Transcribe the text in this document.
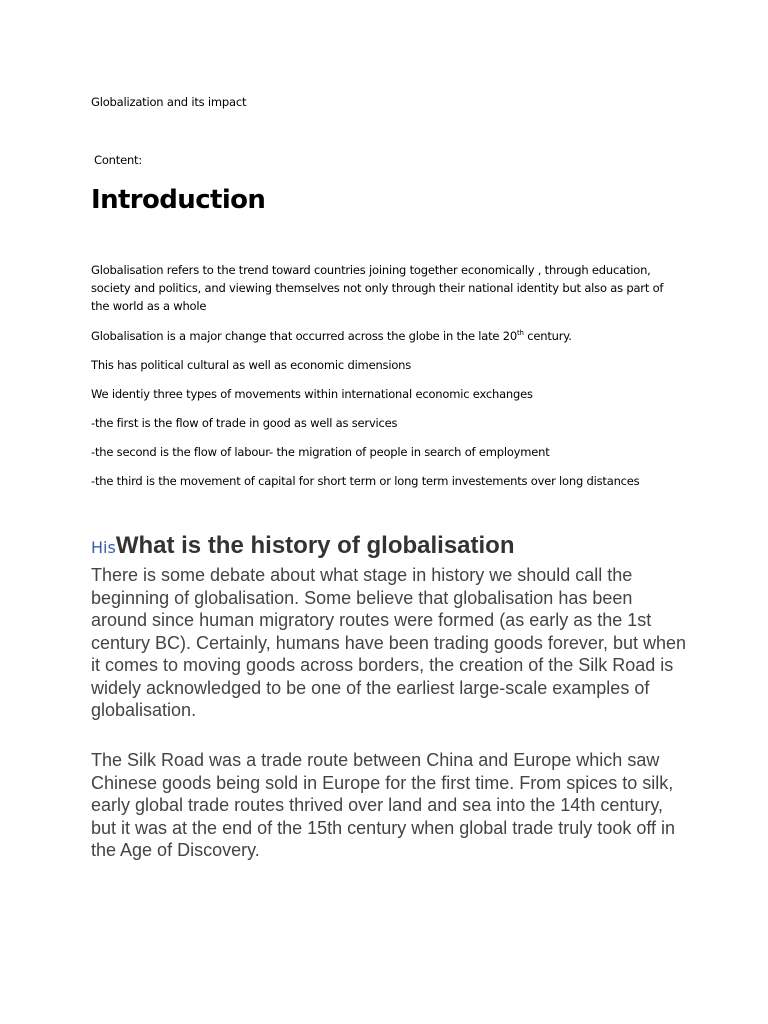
Globalization and its impact

Content:

Introduction

Globalisation refers to the trend toward countries joining together economically , through education, society and politics, and viewing themselves not only through their national identity but also as part of the world as a whole

Globalisation is a major change that occurred across the globe in the late 20th century.

This has political cultural as well as economic dimensions

We identiy three types of movements within international economic exchanges

-the first is the flow of trade in good as well as services

-the second is the flow of labour- the migration of people in search of employment

-the third is the movement of capital for short term or long term investements over long distances

HisWhat is the history of globalisation

There is some debate about what stage in history we should call the beginning of globalisation. Some believe that globalisation has been around since human migratory routes were formed (as early as the 1st century BC). Certainly, humans have been trading goods forever, but when it comes to moving goods across borders, the creation of the Silk Road is widely acknowledged to be one of the earliest large-scale examples of globalisation.

The Silk Road was a trade route between China and Europe which saw Chinese goods being sold in Europe for the first time. From spices to silk, early global trade routes thrived over land and sea into the 14th century, but it was at the end of the 15th century when global trade truly took off in the Age of Discovery.
